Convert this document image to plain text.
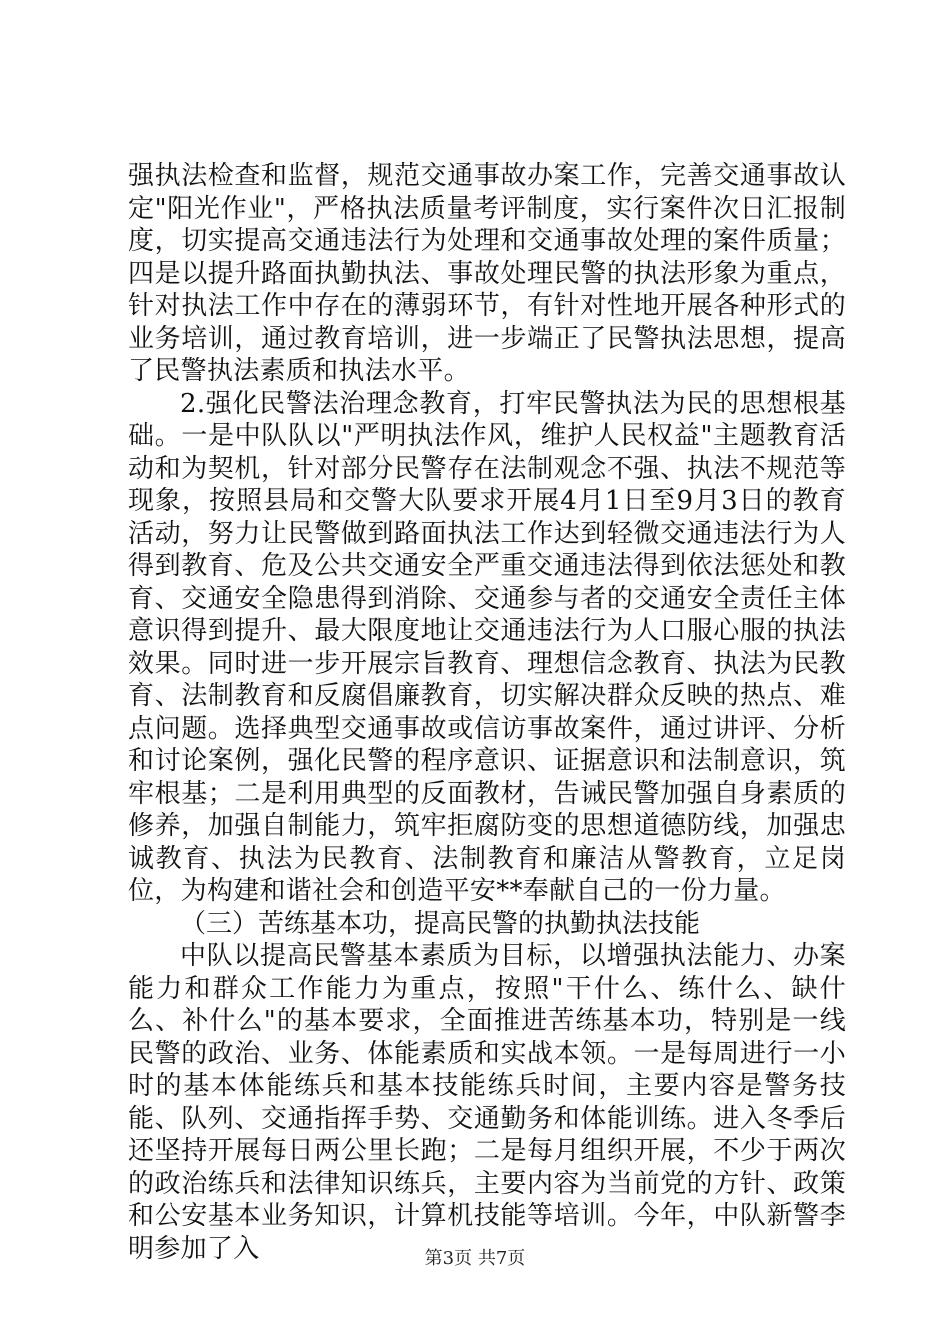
强执法检查和监督，规范交通事故办案工作，完善交通事故认定"阳光作业"，严格执法质量考评制度，实行案件次日汇报制度，切实提高交通违法行为处理和交通事故处理的案件质量；四是以提升路面执勤执法、事故处理民警的执法形象为重点，针对执法工作中存在的薄弱环节，有针对性地开展各种形式的业务培训，通过教育培训，进一步端正了民警执法思想，提高了民警执法素质和执法水平。

2.强化民警法治理念教育，打牢民警执法为民的思想根基础。一是中队队以"严明执法作风，维护人民权益"主题教育活动和为契机，针对部分民警存在法制观念不强、执法不规范等现象，按照县局和交警大队要求开展4月1日至9月3日的教育活动，努力让民警做到路面执法工作达到轻微交通违法行为人得到教育、危及公共交通安全严重交通违法得到依法惩处和教育、交通安全隐患得到消除、交通参与者的交通安全责任主体意识得到提升、最大限度地让交通违法行为人口服心服的执法效果。同时进一步开展宗旨教育、理想信念教育、执法为民教育、法制教育和反腐倡廉教育，切实解决群众反映的热点、难点问题。选择典型交通事故或信访事故案件，通过讲评、分析和讨论案例，强化民警的程序意识、证据意识和法制意识，筑牢根基；二是利用典型的反面教材，告诫民警加强自身素质的修养，加强自制能力，筑牢拒腐防变的思想道德防线，加强忠诚教育、执法为民教育、法制教育和廉洁从警教育，立足岗位，为构建和谐社会和创造平安**奉献自己的一份力量。

（三）苦练基本功，提高民警的执勤执法技能

中队以提高民警基本素质为目标，以增强执法能力、办案能力和群众工作能力为重点，按照"干什么、练什么、缺什么、补什么"的基本要求，全面推进苦练基本功，特别是一线民警的政治、业务、体能素质和实战本领。一是每周进行一小时的基本体能练兵和基本技能练兵时间，主要内容是警务技能、队列、交通指挥手势、交通勤务和体能训练。进入冬季后还坚持开展每日两公里长跑；二是每月组织开展，不少于两次的政治练兵和法律知识练兵，主要内容为当前党的方针、政策和公安基本业务知识，计算机技能等培训。今年，中队新警李明参加了入	第3页 共7页
